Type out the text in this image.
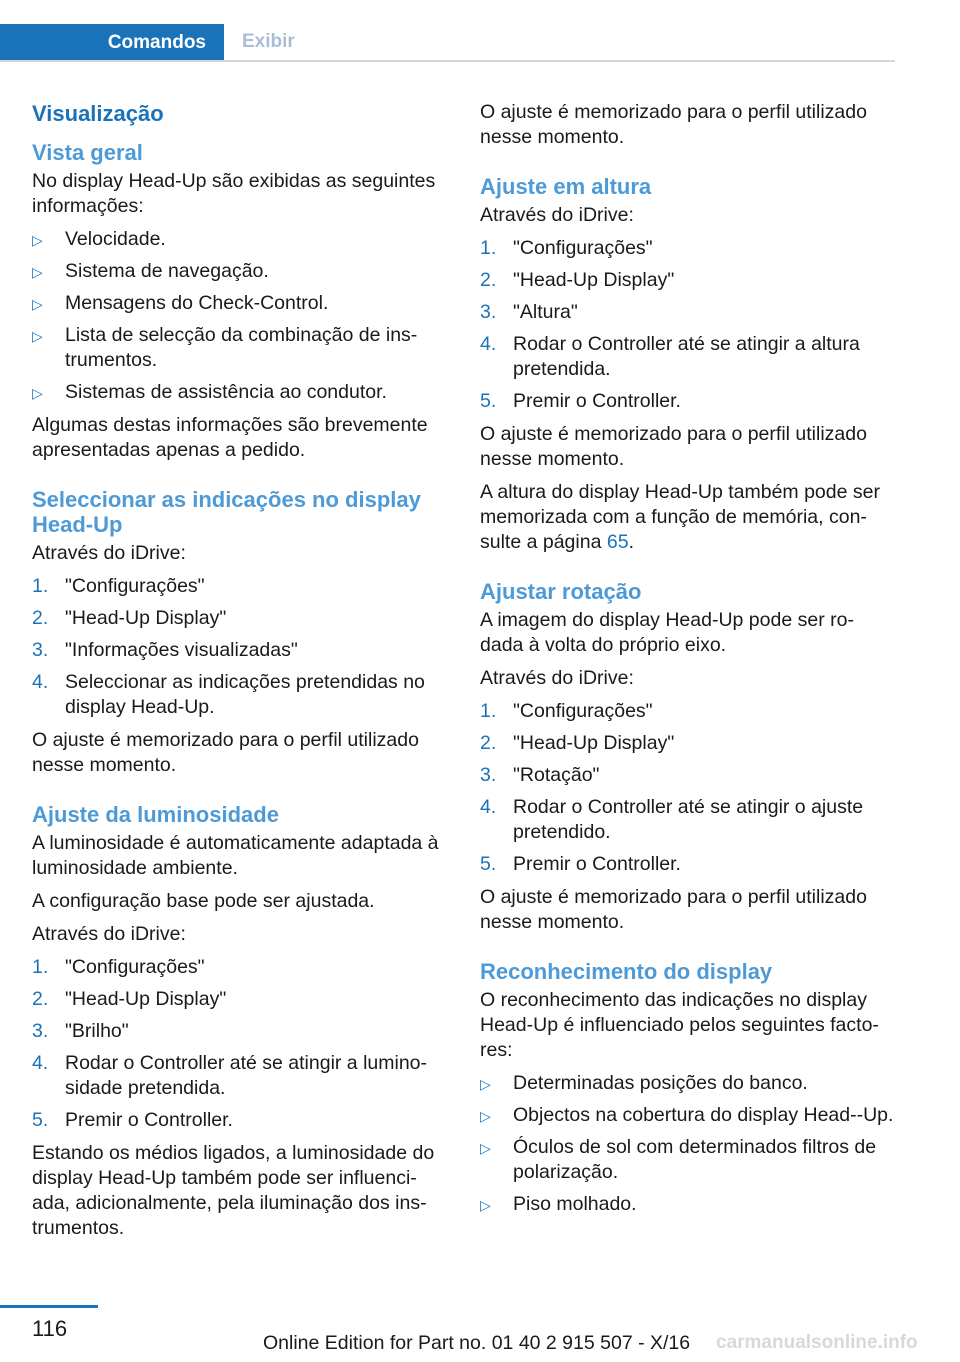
Comandos Exibir
Visualização
Vista geral

No display Head-Up são exibidas as seguintes informações:

▷ Velocidade.
▷ Sistema de navegação.
▷ Mensagens do Check-Control.
▷ Lista de selecção da combinação de ins-trumentos.
▷ Sistemas de assistência ao condutor.

Algumas destas informações são brevemente apresentadas apenas a pedido.

Seleccionar as indicações no display Head-Up

Através do iDrive:

1. "Configurações"
2. "Head-Up Display"
3. "Informações visualizadas"
4. Seleccionar as indicações pretendidas no display Head-Up.

O ajuste é memorizado para o perfil utilizado nesse momento.

Ajuste da luminosidade

A luminosidade é automaticamente adaptada à luminosidade ambiente.

A configuração base pode ser ajustada.

Através do iDrive:

1. "Configurações"
2. "Head-Up Display"
3. "Brilho"
4. Rodar o Controller até se atingir a lumino-sidade pretendida.
5. Premir o Controller.

Estando os médios ligados, a luminosidade do display Head-Up também pode ser influenci-ada, adicionalmente, pela iluminação dos ins-trumentos.

O ajuste é memorizado para o perfil utilizado nesse momento.

Ajuste em altura

Através do iDrive:

1. "Configurações"
2. "Head-Up Display"
3. "Altura"
4. Rodar o Controller até se atingir a altura pretendida.
5. Premir o Controller.

O ajuste é memorizado para o perfil utilizado nesse momento.

A altura do display Head-Up também pode ser memorizada com a função de memória, con-sulte a página 65.

Ajustar rotação

A imagem do display Head-Up pode ser ro-dada à volta do próprio eixo.

Através do iDrive:

1. "Configurações"
2. "Head-Up Display"
3. "Rotação"
4. Rodar o Controller até se atingir o ajuste pretendido.
5. Premir o Controller.

O ajuste é memorizado para o perfil utilizado nesse momento.

Reconhecimento do display

O reconhecimento das indicações no display Head-Up é influenciado pelos seguintes facto-res:

▷ Determinadas posições do banco.
▷ Objectos na cobertura do display Head--Up.
▷ Óculos de sol com determinados filtros de polarização.
▷ Piso molhado.
116
Online Edition for Part no. 01 40 2 915 507 - X/16 carmanualsonline.info
